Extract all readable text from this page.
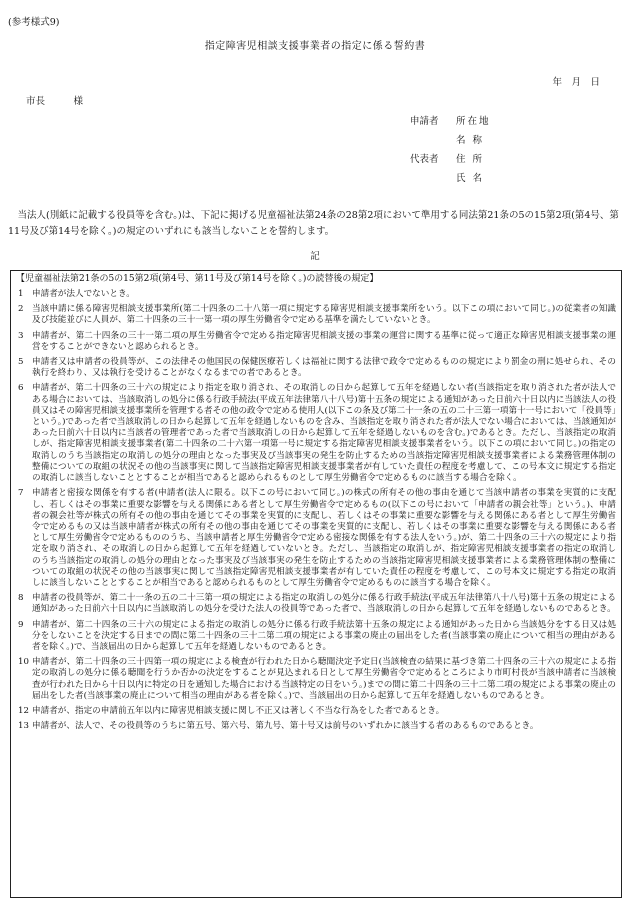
(参考様式9)
指定障害児相談支援事業者の指定に係る誓約書
年　月　日
市長　　　様
申請者	所在地
名 称
代表者	住 所
氏 名
当法人(別紙に記載する役員等を含む。)は、下記に掲げる児童福祉法第24条の28第2項において準用する同法第21条の5の15第2項(第4号、第11号及び第14号を除く。)の規定のいずれにも該当しないことを誓約します。
記
【児童福祉法第21条の5の15第2項(第4号、第11号及び第14号を除く。)の読替後の規定】
1 申請者が法人でないとき。
2 当該申請に係る障害児相談支援事業所(第二十四条の二十八第一項に規定する障害児相談支援事業所をいう。以下この項において同じ。)の従業者の知識及び技能並びに人員が、第二十四条の三十一第一項の厚生労働省令で定める基準を満たしていないとき。
3 申請者が、第二十四条の三十一第二項の厚生労働省令で定める指定障害児相談支援の事業の運営に関する基準に従って適正な障害児相談支援事業の運営をすることができないと認められるとき。
5 申請者又は申請者の役員等が、この法律その他国民の保健医療若しくは福祉に関する法律で政令で定めるものの規定により罰金の刑に処せられ、その執行を終わり、又は執行を受けることがなくなるまでの者であるとき。
6 申請者が、第二十四条の三十六の規定により指定を取り消され、その取消しの日から起算して五年を経過しない者(当該指定を取り消された者が法人である場合においては、当該取消しの処分に係る行政手続法(平成五年法律第八十八号)第十五条の規定による通知があった日前六十日以内に当該法人の役員又はその障害児相談支援事業所を管理する者その他の政令で定める使用人(以下この条及び第二十一条の五の二十三第一項第十一号において「役員等」という。)であった者で当該取消しの日から起算して五年を経過しないものを含み、当該指定を取り消された者が法人でない場合においては、当該通知があった日前六十日以内に当該者の管理者であった者で当該取消しの日から起算して五年を経過しないものを含む。)であるとき。ただし、当該指定の取消しが、指定障害児相談支援事業者(第二十四条の二十六第一項第一号に規定する指定障害児相談支援事業者をいう。以下この項において同じ。)の指定の取消しのうち当該指定の取消しの処分の理由となった事実及び当該事実の発生を防止するための当該指定障害児相談支援事業者による業務管理体制の整備についての取組の状況その他の当該事実に関して当該指定障害児相談支援事業者が有していた責任の程度を考慮して、この号本文に規定する指定の取消しに該当しないこととすることが相当であると認められるものとして厚生労働省令で定めるものに該当する場合を除く。
7 申請者と密接な関係を有する者(申請者(法人に限る。以下この号において同じ。)の株式の所有その他の事由を通じて当該申請者の事業を実質的に支配し、若しくはその事業に重要な影響を与える関係にある者として厚生労働省令で定めるもの(以下この号において「申請者の親会社等」という。)、申請者の親会社等が株式の所有その他の事由を通じてその事業を実質的に支配し、若しくはその事業に重要な影響を与える関係にある者として厚生労働省令で定めるもの又は当該申請者が株式の所有その他の事由を通じてその事業を実質的に支配し、若しくはその事業に重要な影響を与える関係にある者として厚生労働省令で定めるもののうち、当該申請者と厚生労働省令で定める密接な関係を有する法人をいう。)が、第二十四条の三十六の規定により指定を取り消され、その取消しの日から起算して五年を経過していないとき。ただし、当該指定の取消しが、指定障害児相談支援事業者の指定の取消しのうち当該指定の取消しの処分の理由となった事実及び当該事実の発生を防止するための当該指定障害児相談支援事業者による業務管理体制の整備についての取組の状況その他の当該事実に関して当該指定障害児相談支援事業者が有していた責任の程度を考慮して、この号本文に規定する指定の取消しに該当しないこととすることが相当であると認められるものとして厚生労働省令で定めるものに該当する場合を除く。
8 申請者の役員等が、第二十一条の五の二十三第一項の規定による指定の取消しの処分に係る行政手続法(平成五年法律第八十八号)第十五条の規定による通知があった日前六十日以内に当該取消しの処分を受けた法人の役員等であった者で、当該取消しの日から起算して五年を経過しないものであるとき。
9 申請者が、第二十四条の三十六の規定による指定の取消しの処分に係る行政手続法第十五条の規定による通知があった日から当該処分をする日又は処分をしないことを決定する日までの間に第二十四条の三十二第二項の規定による事業の廃止の届出をした者(当該事業の廃止について相当の理由がある者を除く。)で、当該届出の日から起算して五年を経過しないものであるとき。
10 申請者が、第二十四条の三十四第一項の規定による検査が行われた日から聴聞決定予定日(当該検査の結果に基づき第二十四条の三十六の規定による指定の取消しの処分に係る聴聞を行うか否かの決定をすることが見込まれる日として厚生労働省令で定めるところにより市町村長が当該申請者に当該検査が行われた日から十日以内に特定の日を通知した場合における当該特定の日をいう。)までの間に第二十四条の三十二第二項の規定による事業の廃止の届出をした者(当該事業の廃止について相当の理由がある者を除く。)で、当該届出の日から起算して五年を経過しないものであるとき。
12 申請者が、指定の申請前五年以内に障害児相談支援に関し不正又は著しく不当な行為をした者であるとき。
13 申請者が、法人で、その役員等のうちに第五号、第六号、第九号、第十号又は前号のいずれかに該当する者のあるものであるとき。
